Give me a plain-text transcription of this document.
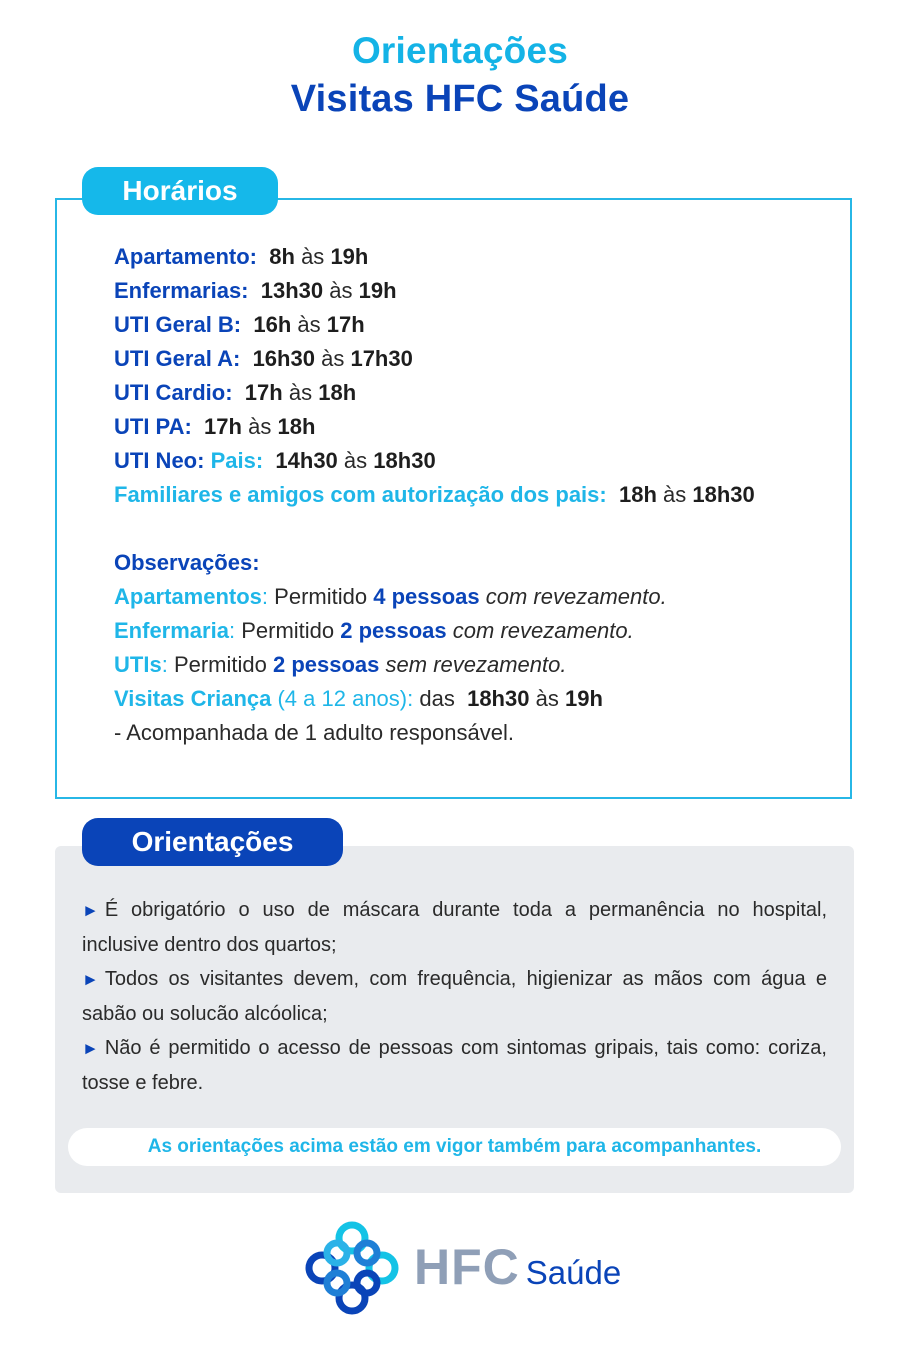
Orientações
Visitas HFC Saúde
Horários
Apartamento: 8h às 19h
Enfermarias: 13h30 às 19h
UTI Geral B: 16h às 17h
UTI Geral A: 16h30 às 17h30
UTI Cardio: 17h às 18h
UTI PA: 17h às 18h
UTI Neo: Pais: 14h30 às 18h30
Familiares e amigos com autorização dos pais: 18h às 18h30
Observações:
Apartamentos: Permitido 4 pessoas com revezamento.
Enfermaria: Permitido 2 pessoas com revezamento.
UTIs: Permitido 2 pessoas sem revezamento.
Visitas Criança (4 a 12 anos): das 18h30 às 19h
- Acompanhada de 1 adulto responsável.
Orientações
► É obrigatório o uso de máscara durante toda a permanência no hospital, inclusive dentro dos quartos;
► Todos os visitantes devem, com frequência, higienizar as mãos com água e sabão ou solucão alcóolica;
► Não é permitido o acesso de pessoas com sintomas gripais, tais como: coriza, tosse e febre.
As orientações acima estão em vigor também para acompanhantes.
HFC Saúde
